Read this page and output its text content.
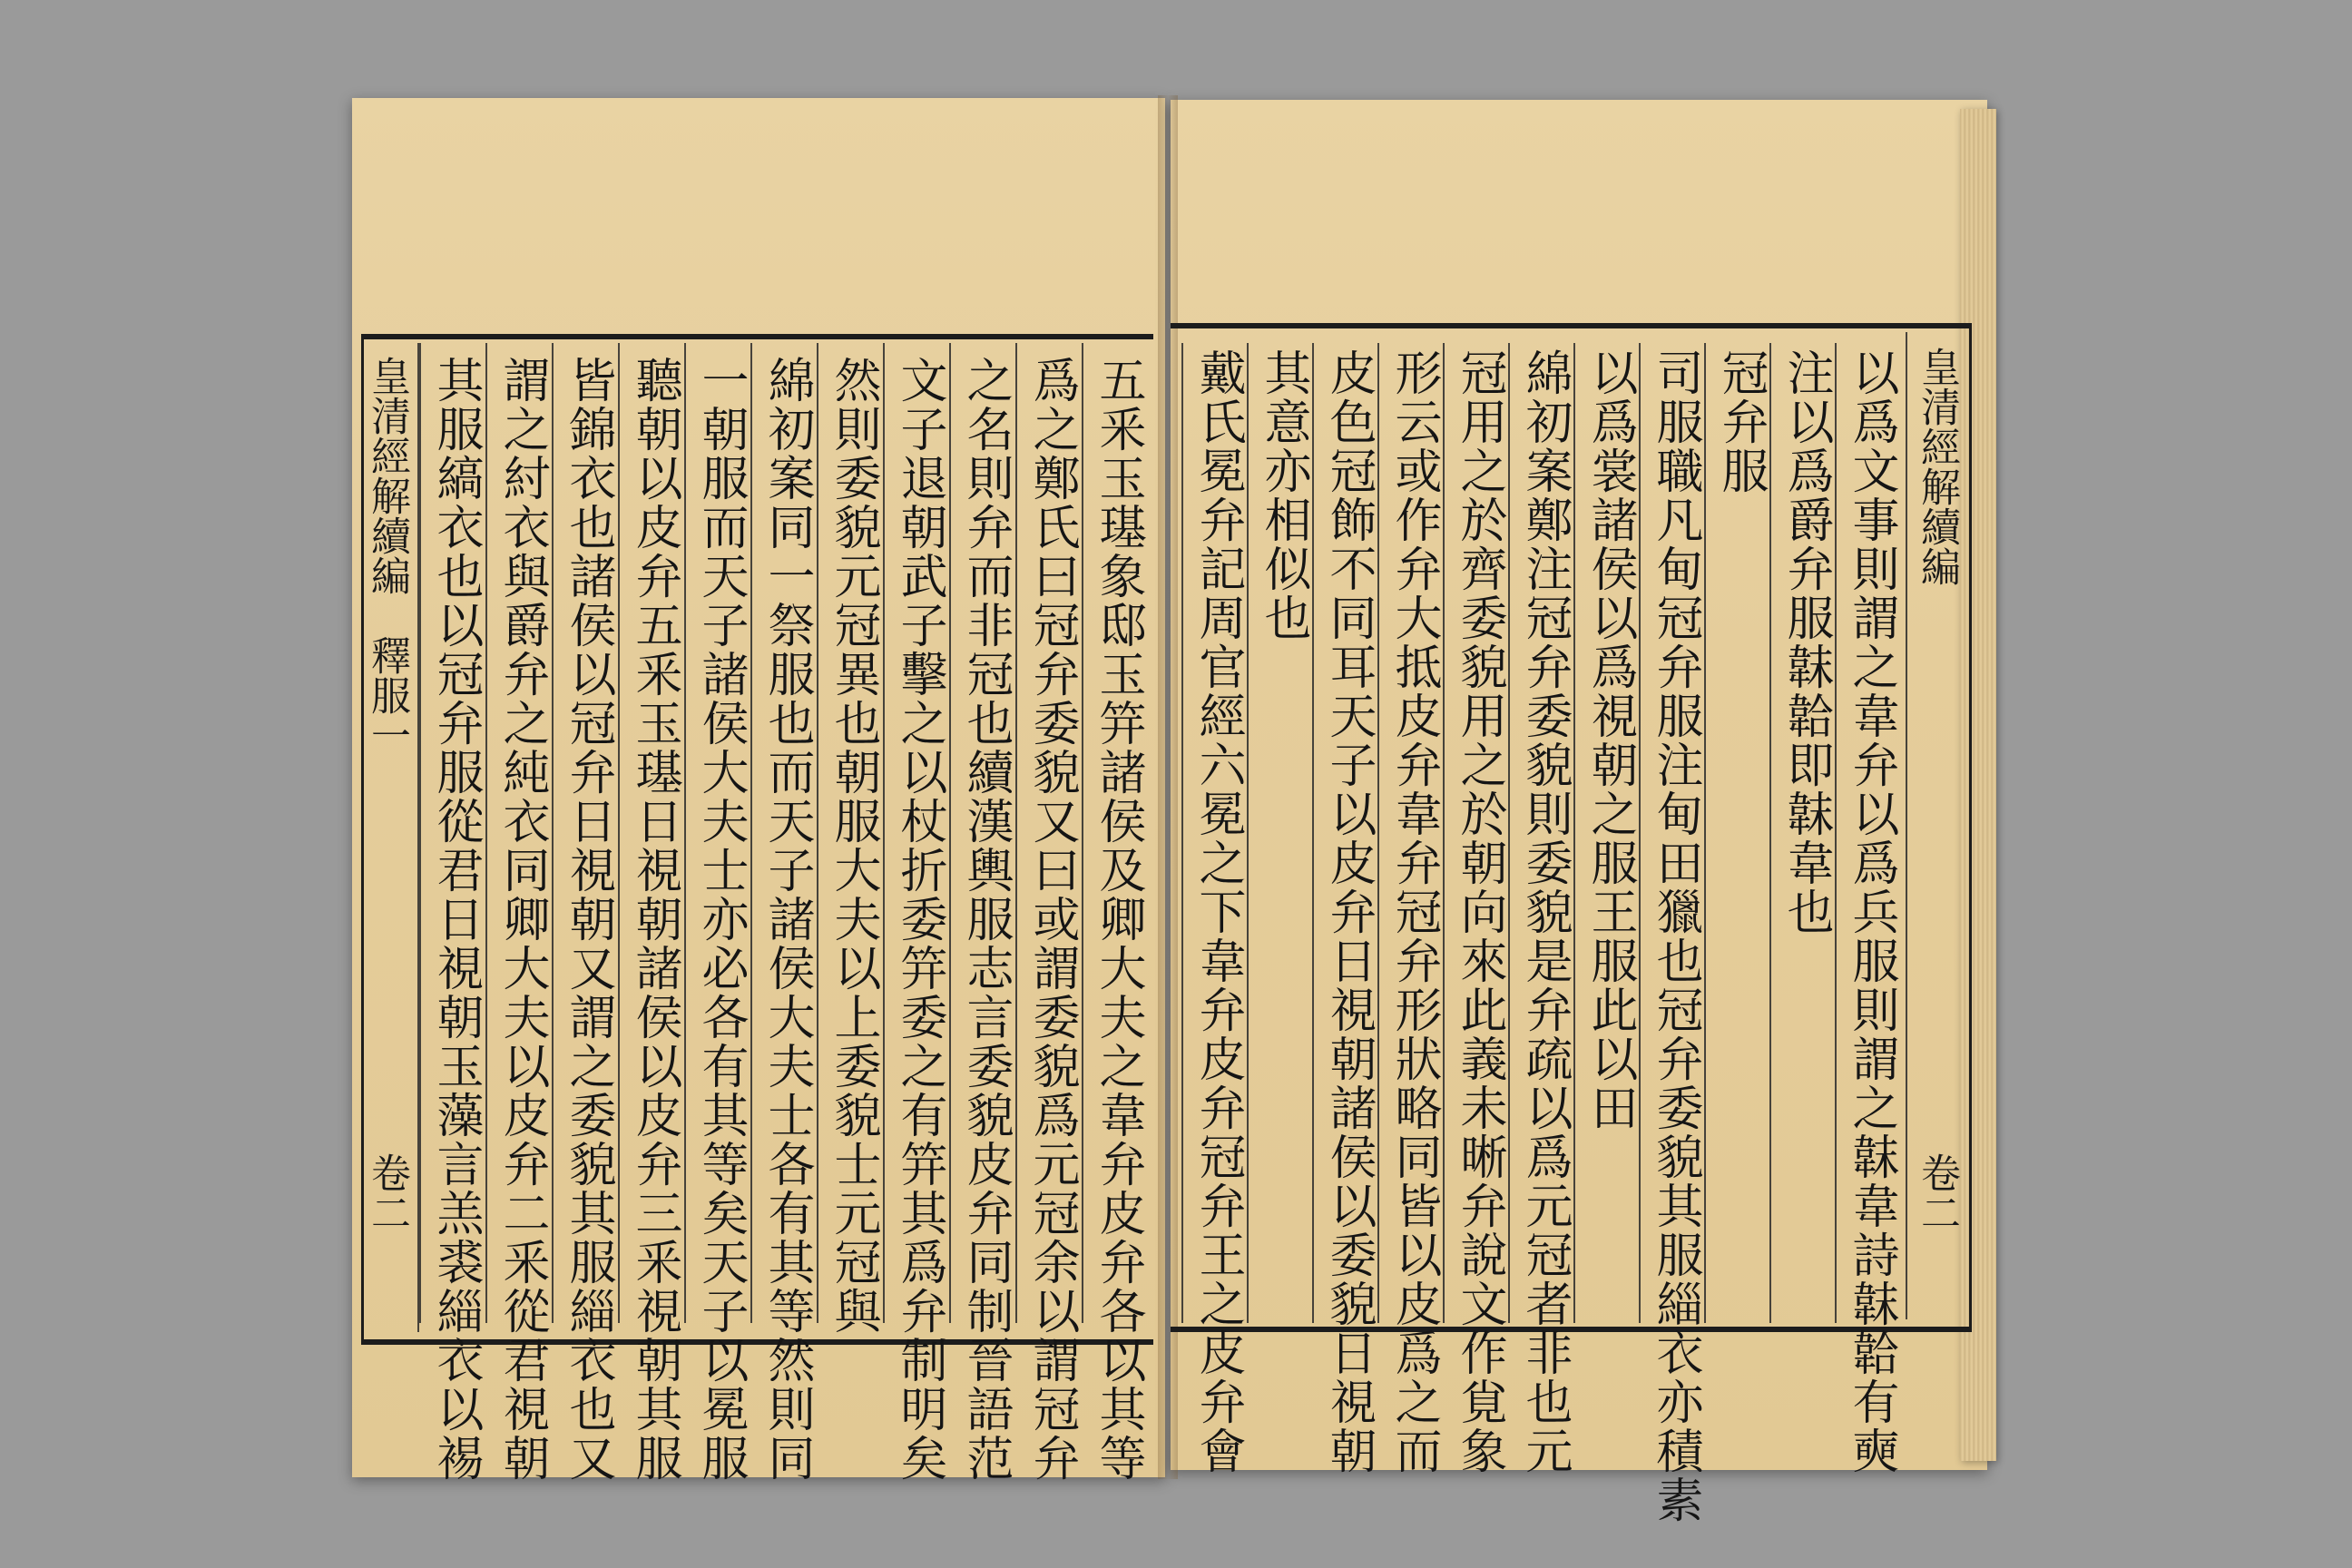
皇清經解續編
釋服一
卷二
皇清經解續編
卷二
五釆玉璂象邸玉笄諸侯及卿大夫之韋弁皮弁各以其等
爲之鄭氏曰冠弁委貌又曰或謂委貌爲元冠余以謂冠弁
之名則弁而非冠也續漢輿服志言委貌皮弁同制晉語范
文子退朝武子擊之以杖折委笄委之有笄其爲弁制明矣
然則委貌元冠異也朝服大夫以上委貌士元冠與
綿初案同一祭服也而天子諸侯大夫士各有其等然則同
一朝服而天子諸侯大夫士亦必各有其等矣天子以冕服
聽朝以皮弁五釆玉璂日視朝諸侯以皮弁三釆視朝其服
皆錦衣也諸侯以冠弁日視朝又謂之委貌其服緇衣也又
謂之紂衣與爵弁之純衣同卿大夫以皮弁二釆從君視朝
其服縞衣也以冠弁服從君日視朝玉藻言羔裘緇衣以裼	以爲文事則謂之韋弁以爲兵服則謂之韎韋詩韎韐有奭
注以爲爵弁服韎韐即韎韋也
冠弁服
司服職凡甸冠弁服注甸田獵也冠弁委貌其服緇衣亦積素
以爲裳諸侯以爲視朝之服王服此以田
綿初案鄭注冠弁委貌則委貌是弁疏以爲元冠者非也元
冠用之於齊委貌用之於朝向來此義未晰弁說文作覍象
形云或作弁大抵皮弁韋弁冠弁形狀略同皆以皮爲之而
皮色冠飾不同耳天子以皮弁日視朝諸侯以委貌日視朝
其意亦相似也
戴氏冕弁記周官經六冕之下韋弁皮弁冠弁王之皮弁會
